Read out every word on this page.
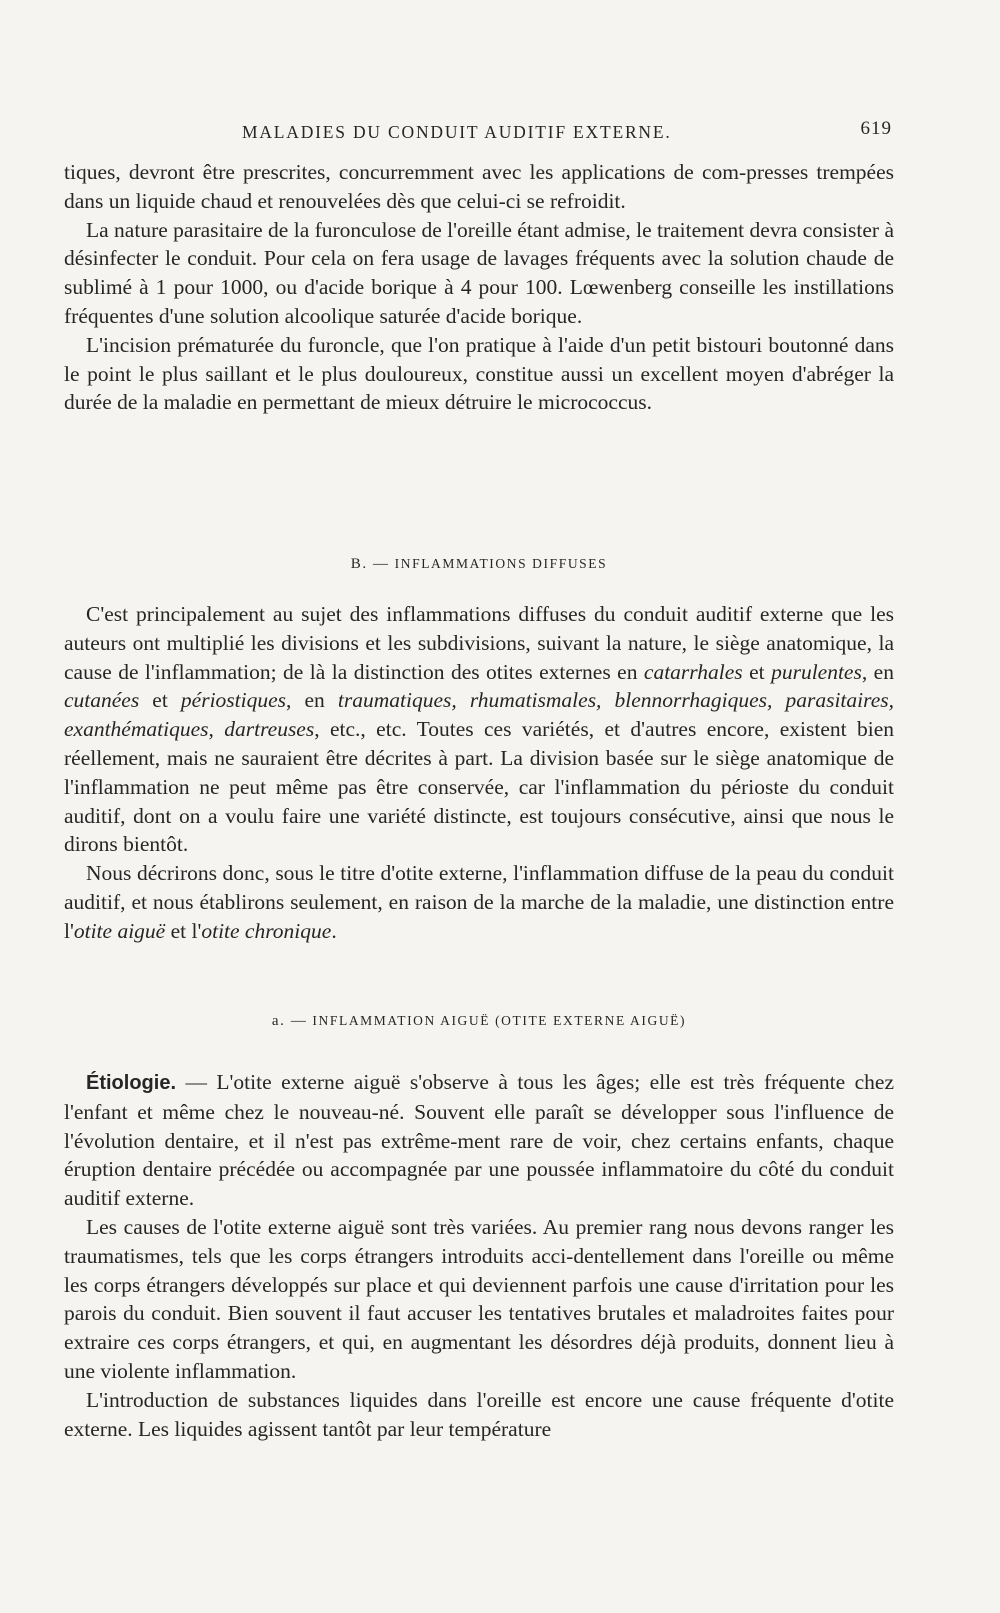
MALADIES DU CONDUIT AUDITIF EXTERNE.	619

tiques, devront être prescrites, concurremment avec les applications de com-presses trempées dans un liquide chaud et renouvelées dès que celui-ci se refroidit.

La nature parasitaire de la furonculose de l'oreille étant admise, le traitement devra consister à désinfecter le conduit. Pour cela on fera usage de lavages fréquents avec la solution chaude de sublimé à 1 pour 1000, ou d'acide borique à 4 pour 100. Lœwenberg conseille les instillations fréquentes d'une solution alcoolique saturée d'acide borique.

L'incision prématurée du furoncle, que l'on pratique à l'aide d'un petit bistouri boutonné dans le point le plus saillant et le plus douloureux, constitue aussi un excellent moyen d'abréger la durée de la maladie en permettant de mieux détruire le micrococcus.

B. — INFLAMMATIONS DIFFUSES

C'est principalement au sujet des inflammations diffuses du conduit auditif externe que les auteurs ont multiplié les divisions et les subdivisions, suivant la nature, le siège anatomique, la cause de l'inflammation; de là la distinction des otites externes en catarrhales et purulentes, en cutanées et périostiques, en traumatiques, rhumatismales, blennorrhagiques, parasitaires, exanthématiques, dartreuses, etc., etc. Toutes ces variétés, et d'autres encore, existent bien réellement, mais ne sauraient être décrites à part. La division basée sur le siège anatomique de l'inflammation ne peut même pas être conservée, car l'inflammation du périoste du conduit auditif, dont on a voulu faire une variété distincte, est toujours consécutive, ainsi que nous le dirons bientôt.

Nous décrirons donc, sous le titre d'otite externe, l'inflammation diffuse de la peau du conduit auditif, et nous établirons seulement, en raison de la marche de la maladie, une distinction entre l'otite aiguë et l'otite chronique.

a. — INFLAMMATION AIGUË (OTITE EXTERNE AIGUË)

Étiologie. — L'otite externe aiguë s'observe à tous les âges; elle est très fréquente chez l'enfant et même chez le nouveau-né. Souvent elle paraît se développer sous l'influence de l'évolution dentaire, et il n'est pas extrême-ment rare de voir, chez certains enfants, chaque éruption dentaire précédée ou accompagnée par une poussée inflammatoire du côté du conduit auditif externe.

Les causes de l'otite externe aiguë sont très variées. Au premier rang nous devons ranger les traumatismes, tels que les corps étrangers introduits acci-dentellement dans l'oreille ou même les corps étrangers développés sur place et qui deviennent parfois une cause d'irritation pour les parois du conduit. Bien souvent il faut accuser les tentatives brutales et maladroites faites pour extraire ces corps étrangers, et qui, en augmentant les désordres déjà produits, donnent lieu à une violente inflammation.

L'introduction de substances liquides dans l'oreille est encore une cause fréquente d'otite externe. Les liquides agissent tantôt par leur température
